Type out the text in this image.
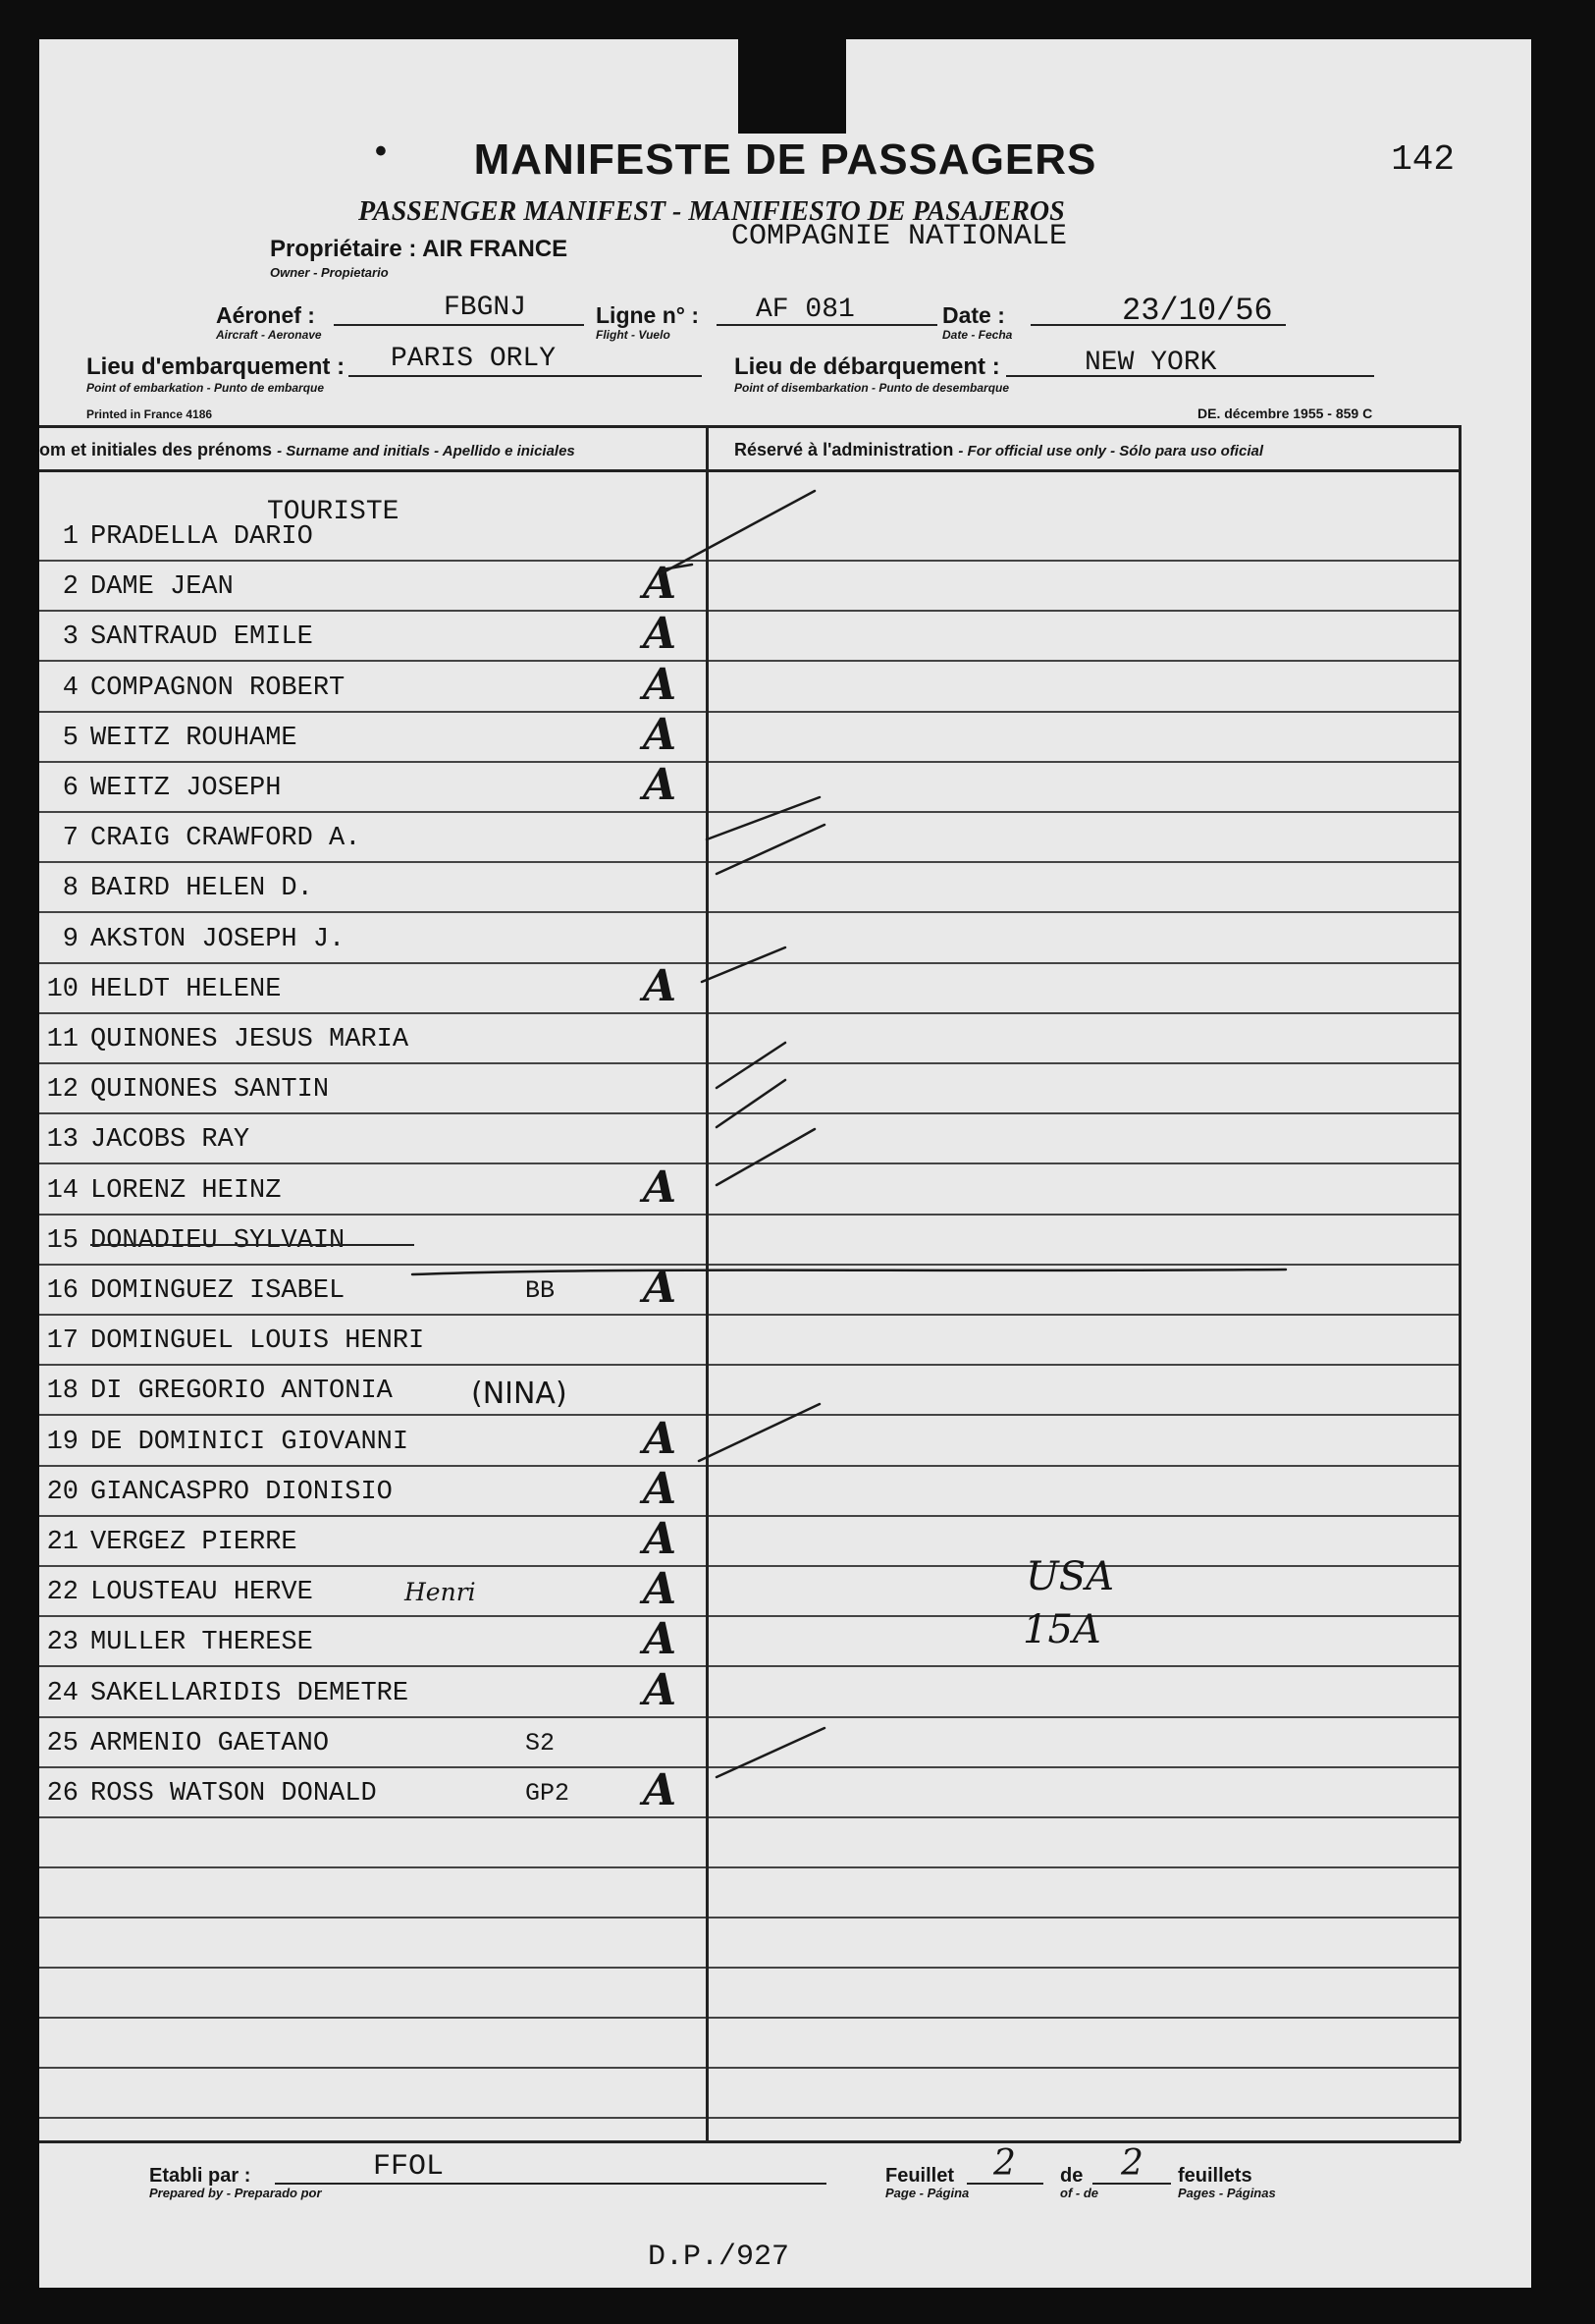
•	MANIFESTE DE PASSAGERS	142
PASSENGER MANIFEST - MANIFIESTO DE PASAJEROS
Propriétaire : AIR FRANCE
Owner - Propietario
COMPAGNIE NATIONALE
Aéronef :
Aircraft - Aeronave
FBGNJ	Ligne n° :
Flight - Vuelo
AF 081	Date :
Date - Fecha
23/10/56
Lieu d'embarquement :
Point of embarkation - Punto de embarque
PARIS ORLY	Lieu de débarquement :
Point of disembarkation - Punto de desembarque
NEW YORK
Printed in France 4186	DE. décembre 1955 - 859 C
om et initiales des prénoms - Surname and initials - Apellido e iniciales	Réservé à l'administration - For official use only - Sólo para uso oficial
TOURISTE
1 PRADELLA DARIO
2 DAME JEAN	A
3 SANTRAUD EMILE	A
4 COMPAGNON ROBERT	A
5 WEITZ ROUHAME	A
6 WEITZ JOSEPH	A
7 CRAIG CRAWFORD A.
8 BAIRD HELEN D.
9 AKSTON JOSEPH J.
10 HELDT HELENE	A
11 QUINONES JESUS MARIA
12 QUINONES SANTIN
13 JACOBS RAY
14 LORENZ HEINZ	A
15 DONADIEU SYLVAIN
16 DOMINGUEZ ISABEL	BB A
17 DOMINGUEL LOUIS HENRI
18 DI GREGORIO ANTONIA	(NINA)
19 DE DOMINICI GIOVANNI	A
20 GIANCASPRO DIONISIO	A
21 VERGEZ PIERRE	A
22 LOUSTEAU HERVE	Henri	A
23 MULLER THERESE	A
24 SAKELLARIDIS DEMETRE	A
25 ARMENIO GAETANO	S2
26 ROSS WATSON DONALD	GP2 A
USA
15A
Etabli par :
Prepared by - Preparado por
FFOL	Feuillet
Page - Página
2 de
of - de
2 feuillets
Pages - Páginas
D.P./927
